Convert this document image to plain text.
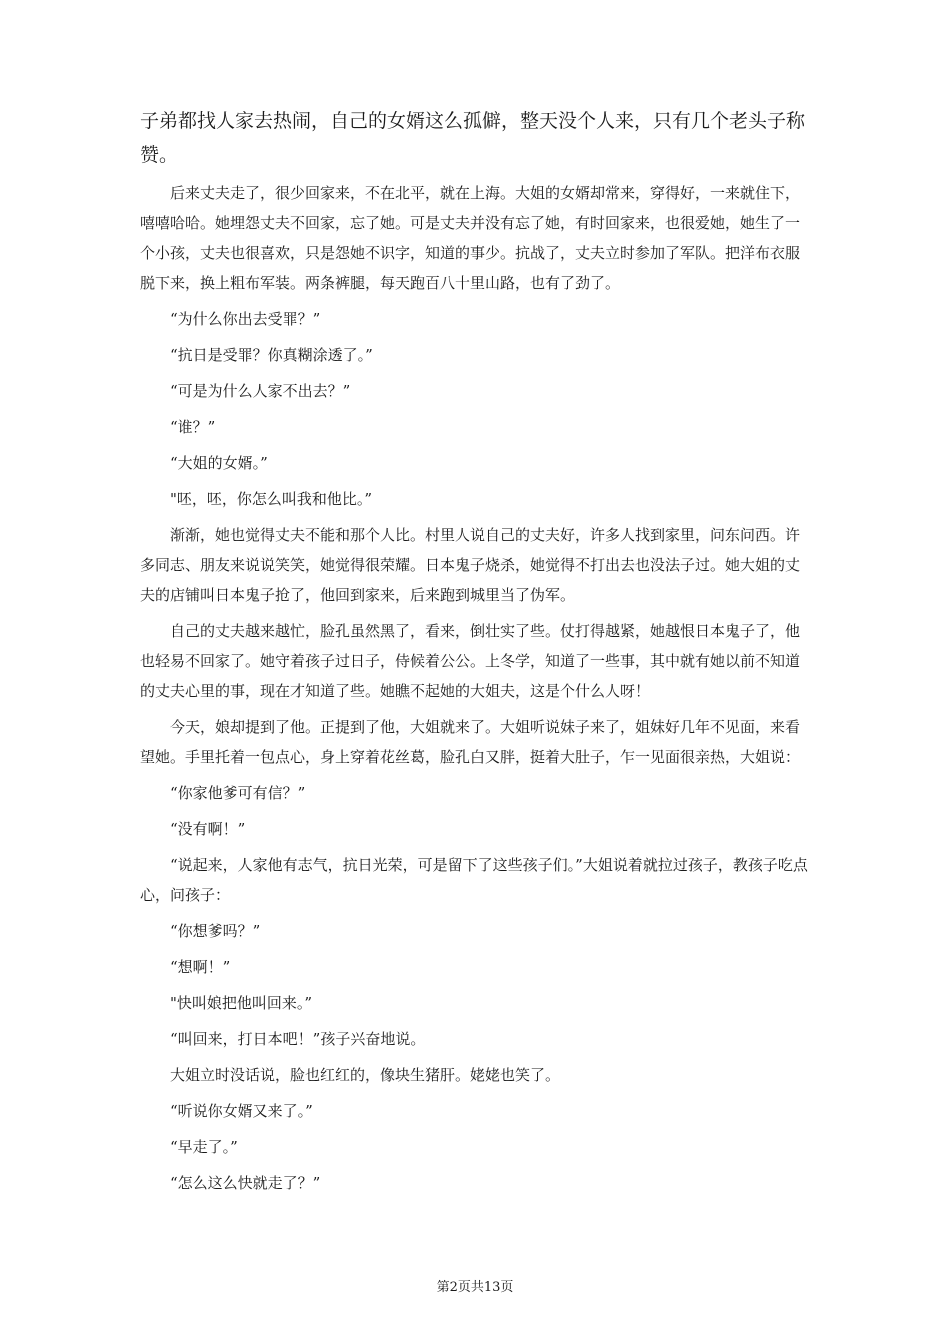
子弟都找人家去热闹，自己的女婿这么孤僻，整天没个人来，只有几个老头子称赞。

后来丈夫走了，很少回家来，不在北平，就在上海。大姐的女婿却常来，穿得好，一来就住下，嘻嘻哈哈。她埋怨丈夫不回家，忘了她。可是丈夫并没有忘了她，有时回家来，也很爱她，她生了一个小孩，丈夫也很喜欢，只是怨她不识字，知道的事少。抗战了，丈夫立时参加了军队。把洋布衣服脱下来，换上粗布军装。两条裤腿，每天跑百八十里山路，也有了劲了。

“为什么你出去受罪？”

“抗日是受罪？你真糊涂透了。”

“可是为什么人家不出去？”

“谁？”

“大姐的女婿。”

"呸，呸，你怎么叫我和他比。”

渐渐，她也觉得丈夫不能和那个人比。村里人说自己的丈夫好，许多人找到家里，问东问西。许多同志、朋友来说说笑笑，她觉得很荣耀。日本鬼子烧杀，她觉得不打出去也没法子过。她大姐的丈夫的店铺叫日本鬼子抢了，他回到家来，后来跑到城里当了伪军。

自己的丈夫越来越忙，脸孔虽然黑了，看来，倒壮实了些。仗打得越紧，她越恨日本鬼子了，他也轻易不回家了。她守着孩子过日子，侍候着公公。上冬学，知道了一些事，其中就有她以前不知道的丈夫心里的事，现在才知道了些。她瞧不起她的大姐夫，这是个什么人呀！

今天，娘却提到了他。正提到了他，大姐就来了。大姐听说妹子来了，姐妹好几年不见面，来看望她。手里托着一包点心，身上穿着花丝葛，脸孔白又胖，挺着大肚子，乍一见面很亲热，大姐说：

“你家他爹可有信？”

“没有啊！”

“说起来，人家他有志气，抗日光荣，可是留下了这些孩子们。”大姐说着就拉过孩子，教孩子吃点心，问孩子：

“你想爹吗？”

“想啊！”

"快叫娘把他叫回来。”

“叫回来，打日本吧！”孩子兴奋地说。

大姐立时没话说，脸也红红的，像块生猪肝。姥姥也笑了。

“听说你女婿又来了。”

“早走了。”

“怎么这么快就走了？”

第2页共13页
